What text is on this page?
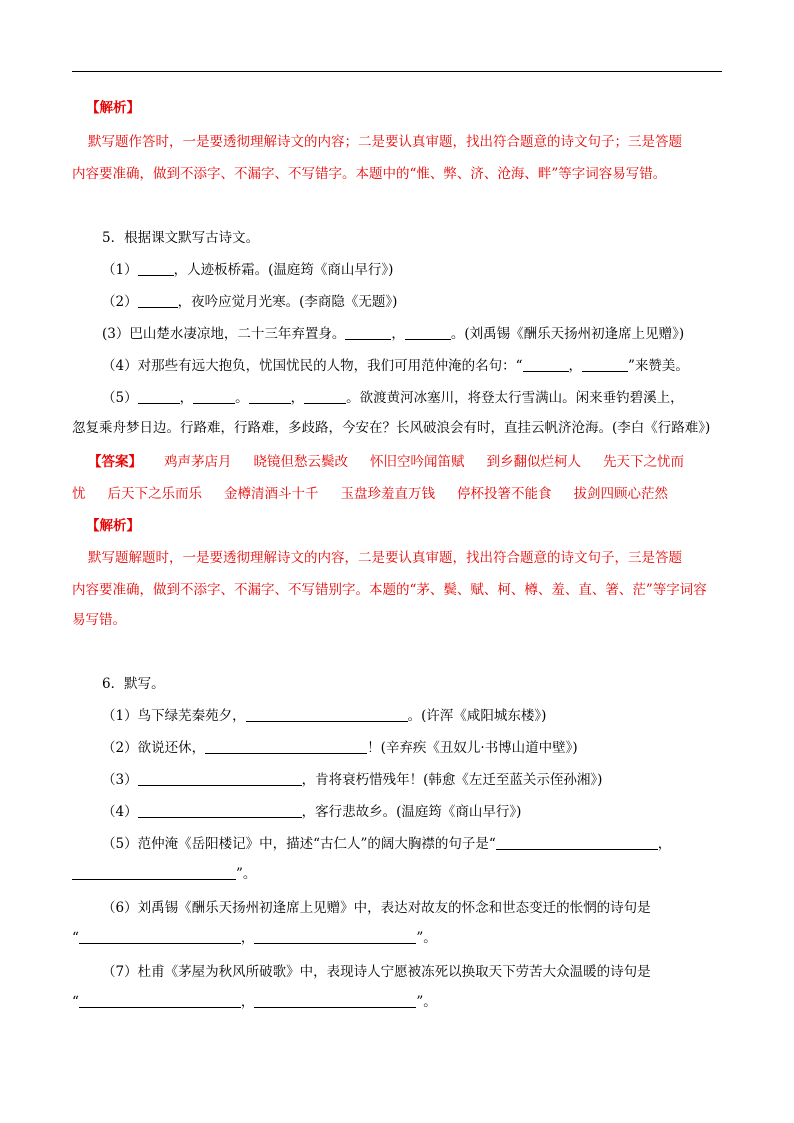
【解析】
默写题作答时，一是要透彻理解诗文的内容；二是要认真审题，找出符合题意的诗文句子；三是答题
内容要准确，做到不添字、不漏字、不写错字。本题中的“惟、弊、济、沧海、畔”等字词容易写错。
5．根据课文默写古诗文。
（1）	，人迹板桥霜。(温庭筠《商山早行》)
（2）	，夜吟应觉月光寒。(李商隐《无题》)
(3）巴山楚水凄凉地，二十三年弃置身。	，	。(刘禹锡《酬乐天扬州初逢席上见赠》)
（4）对那些有远大抱负，忧国忧民的人物，我们可用范仲淹的名句：“	，	”来赞美。
（5）	，	。	，	。欲渡黄河冰塞川，将登太行雪满山。闲来垂钓碧溪上，
忽复乘舟梦日边。行路难，行路难，多歧路，今安在？长风破浪会有时，直挂云帆济沧海。(李白《行路难》)
【答案】 鸡声茅店月 晓镜但愁云鬓改 怀旧空吟闻笛赋 到乡翻似烂柯人 先天下之忧而
忧 后天下之乐而乐 金樽清酒斗十千 玉盘珍羞直万钱 停杯投箸不能食 拔剑四顾心茫然
【解析】
默写题解题时，一是要透彻理解诗文的内容，二是要认真审题，找出符合题意的诗文句子，三是答题
内容要准确，做到不添字、不漏字、不写错别字。本题的“茅、鬓、赋、柯、樽、羞、直、箸、茫”等字词容
易写错。
6．默写。
（1）鸟下绿芜秦苑夕，	。(许浑《咸阳城东楼》)
（2）欲说还休，	！(辛弃疾《丑奴儿·书博山道中壁》)
（3）	，肯将衰朽惜残年！(韩愈《左迁至蓝关示侄孙湘》)
（4）	，客行悲故乡。(温庭筠《商山早行》)
（5）范仲淹《岳阳楼记》中，描述“古仁人”的阔大胸襟的句子是“	，
”。
（6）刘禹锡《酬乐天扬州初逢席上见赠》中，表达对故友的怀念和世态变迁的怅惘的诗句是
“	，	”。
（7）杜甫《茅屋为秋风所破歌》中，表现诗人宁愿被冻死以换取天下劳苦大众温暖的诗句是
“	，	”。
